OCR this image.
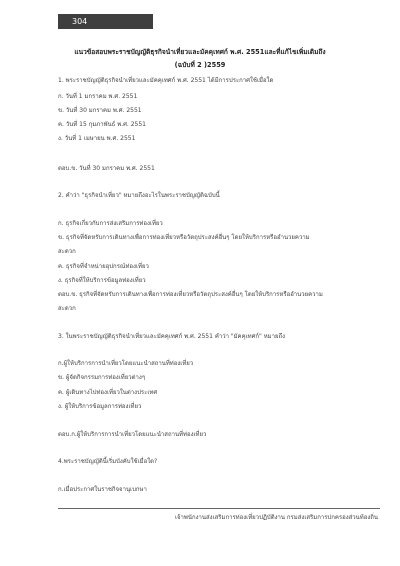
304
แนวข้อสอบพระราชบัญญัติธุรกิจนำเที่ยวและมัคคุเทศก์ พ.ศ. 2551และที่แก้ไขเพิ่มเติมถึง
(ฉบับที่ 2 )2559
1. พระราชบัญญัติธุรกิจนำเที่ยวและมัคคุเทศก์ พ.ศ. 2551 ได้มีการประกาศใช้เมื่อใด
ก. วันที่ 1 มกราคม พ.ศ. 2551
ข. วันที่ 30 มกราคม พ.ศ. 2551
ค. วันที่ 15 กุมภาพันธ์ พ.ศ. 2551
ง. วันที่ 1 เมษายน พ.ศ. 2551
ตอบ.ข. วันที่ 30 มกราคม พ.ศ. 2551
2. คำว่า "ธุรกิจนำเที่ยว" หมายถึงอะไรในพระราชบัญญัติฉบับนี้
ก. ธุรกิจเกี่ยวกับการส่งเสริมการท่องเที่ยว
ข. ธุรกิจที่จัดหรับการเดินทางเพื่อการท่องเที่ยวหรือวัตถุประสงค์อื่นๆ โดยให้บริการหรืออำนวยความ
สะดวก
ค. ธุรกิจที่จำหน่ายอุปกรณ์ท่องเที่ยว
ง. ธุรกิจที่ให้บริการข้อมูลท่องเที่ยว
ตอบ.ข. ธุรกิจที่จัดหรับการเดินทางเพื่อการท่องเที่ยวหรือวัตถุประสงค์อื่นๆ โดยให้บริการหรืออำนวยความ
สะดวก
3. ในพระราชบัญญัติธุรกิจนำเที่ยวและมัคคุเทศก์ พ.ศ. 2551 คำว่า "มัคคุเทศก์" หมายถึง
ก.ผู้ให้บริการการนำเที่ยวโดยแนะนำสถานที่ท่องเที่ยว
ข. ผู้จัดกิจกรรมการท่องเที่ยวต่างๆ
ค. ผู้เดินทางไปท่องเที่ยวในต่างประเทศ
ง. ผู้ให้บริการข้อมูลการท่องเที่ยว
ตอบ.ก.ผู้ให้บริการการนำเที่ยวโดยแนะนำสถานที่ท่องเที่ยว
4.พระราชบัญญัตินี้เริ่มบังคับใช้เมื่อใด?
ก.เมื่อประกาศในราชกิจจานุเบกษา
เจ้าพนักงานส่งเสริมการท่องเที่ยวปฏิบัติงาน กรมส่งเสริมการปกครองส่วนท้องถิ่น
